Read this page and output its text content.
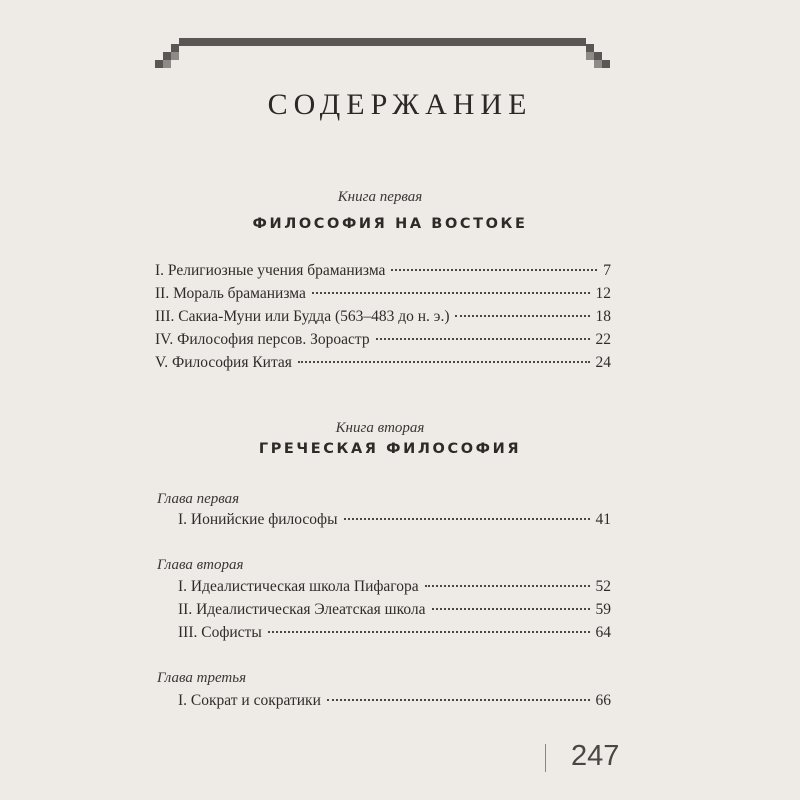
СОДЕРЖАНИЕ
Книга первая
ФИЛОСОФИЯ НА ВОСТОКЕ
I. Религиозные учения браманизма	7
II. Мораль браманизма	12
III. Сакиа-Муни или Будда (563–483 до н. э.)	18
IV. Философия персов. Зороастр	22
V. Философия Китая	24
Книга вторая
ГРЕЧЕСКАЯ ФИЛОСОФИЯ
Глава первая
I. Ионийские философы	41
Глава вторая
I. Идеалистическая школа Пифагора	52
II. Идеалистическая Элеатская школа	59
III. Софисты	64
Глава третья
I. Сократ и сократики	66
247
